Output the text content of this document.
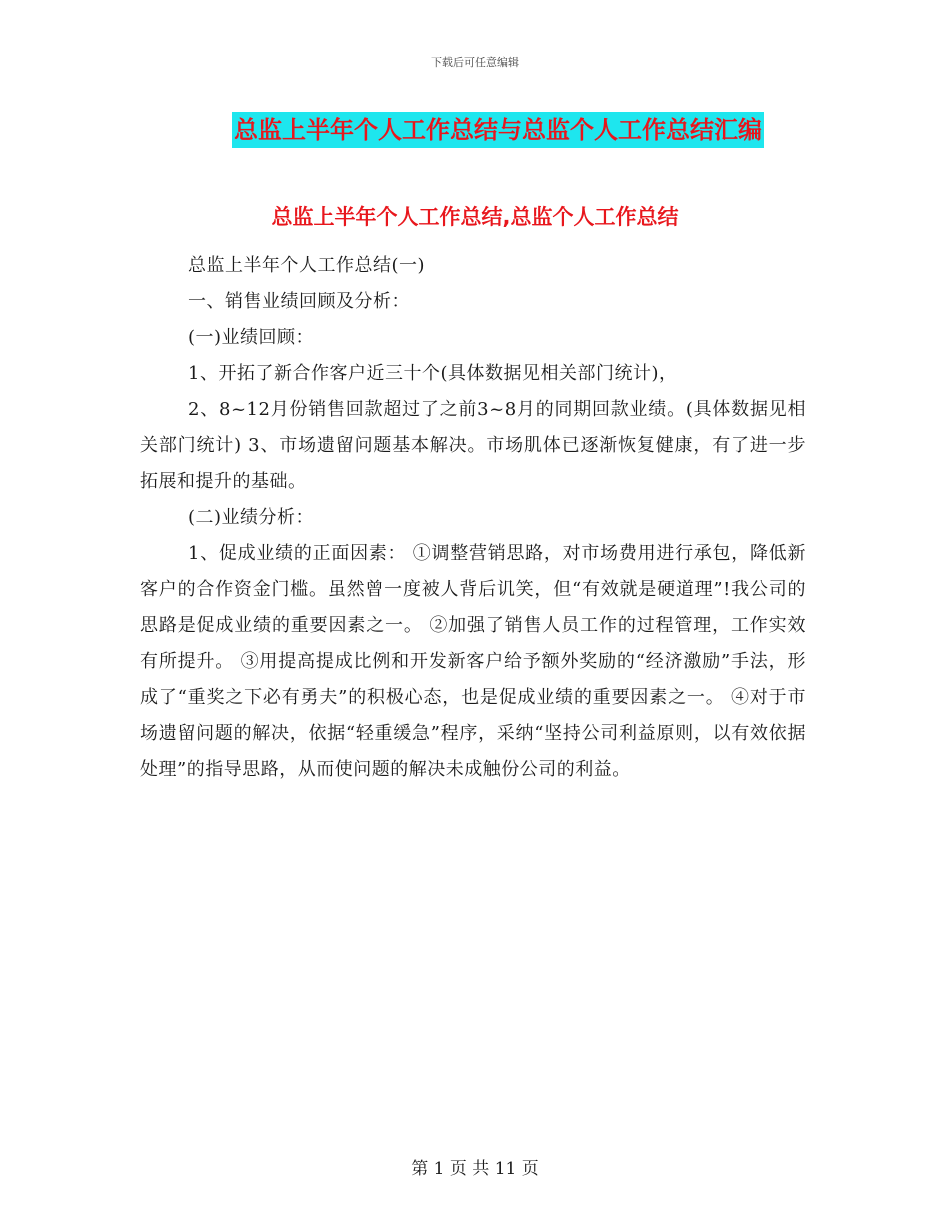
下载后可任意编辑
总监上半年个人工作总结与总监个人工作总结汇编
总监上半年个人工作总结,总监个人工作总结

总监上半年个人工作总结(一)

一、销售业绩回顾及分析：

(一)业绩回顾：

1、开拓了新合作客户近三十个(具体数据见相关部门统计)，

2、8~12月份销售回款超过了之前3~8月的同期回款业绩。(具体数据见相关部门统计) 3、市场遗留问题基本解决。市场肌体已逐渐恢复健康，有了进一步拓展和提升的基础。

(二)业绩分析：

1、促成业绩的正面因素： ①调整营销思路，对市场费用进行承包，降低新客户的合作资金门槛。虽然曾一度被人背后讥笑，但“有效就是硬道理”!我公司的思路是促成业绩的重要因素之一。 ②加强了销售人员工作的过程管理，工作实效有所提升。 ③用提高提成比例和开发新客户给予额外奖励的“经济激励”手法，形成了“重奖之下必有勇夫”的积极心态，也是促成业绩的重要因素之一。 ④对于市场遗留问题的解决，依据“轻重缓急”程序，采纳“坚持公司利益原则，以有效依据处理”的指导思路，从而使问题的解决未成触份公司的利益。

第 1 页 共 11 页
